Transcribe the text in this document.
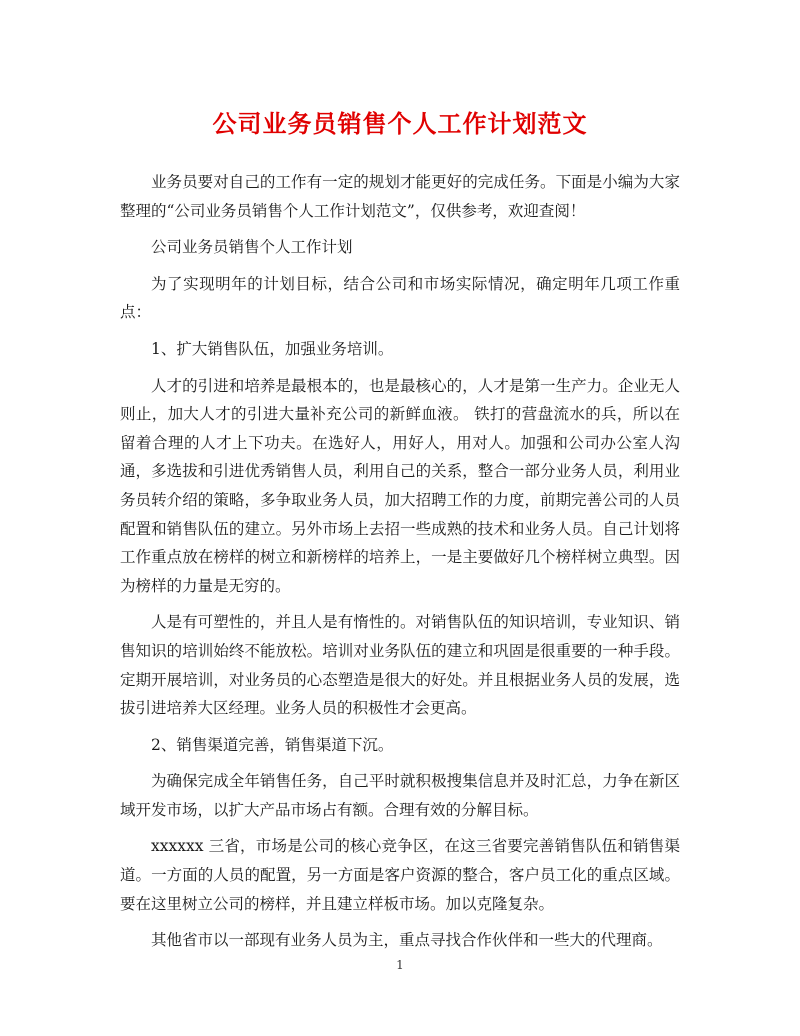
公司业务员销售个人工作计划范文

业务员要对自己的工作有一定的规划才能更好的完成任务。下面是小编为大家整理的“公司业务员销售个人工作计划范文”，仅供参考，欢迎查阅！

公司业务员销售个人工作计划

为了实现明年的计划目标，结合公司和市场实际情况，确定明年几项工作重点：

1、扩大销售队伍，加强业务培训。

人才的引进和培养是最根本的，也是最核心的，人才是第一生产力。企业无人则止，加大人才的引进大量补充公司的新鲜血液。 铁打的营盘流水的兵，所以在留着合理的人才上下功夫。在选好人，用好人，用对人。加强和公司办公室人沟通，多选拔和引进优秀销售人员，利用自己的关系，整合一部分业务人员，利用业务员转介绍的策略，多争取业务人员，加大招聘工作的力度，前期完善公司的人员配置和销售队伍的建立。另外市场上去招一些成熟的技术和业务人员。自己计划将工作重点放在榜样的树立和新榜样的培养上，一是主要做好几个榜样树立典型。因为榜样的力量是无穷的。

人是有可塑性的，并且人是有惰性的。对销售队伍的知识培训，专业知识、销售知识的培训始终不能放松。培训对业务队伍的建立和巩固是很重要的一种手段。定期开展培训，对业务员的心态塑造是很大的好处。并且根据业务人员的发展，选拔引进培养大区经理。业务人员的积极性才会更高。

2、销售渠道完善，销售渠道下沉。

为确保完成全年销售任务，自己平时就积极搜集信息并及时汇总，力争在新区域开发市场，以扩大产品市场占有额。合理有效的分解目标。

xxxxxx 三省，市场是公司的核心竞争区，在这三省要完善销售队伍和销售渠道。一方面的人员的配置，另一方面是客户资源的整合，客户员工化的重点区域。要在这里树立公司的榜样，并且建立样板市场。加以克隆复杂。

其他省市以一部现有业务人员为主，重点寻找合作伙伴和一些大的代理商。

1
